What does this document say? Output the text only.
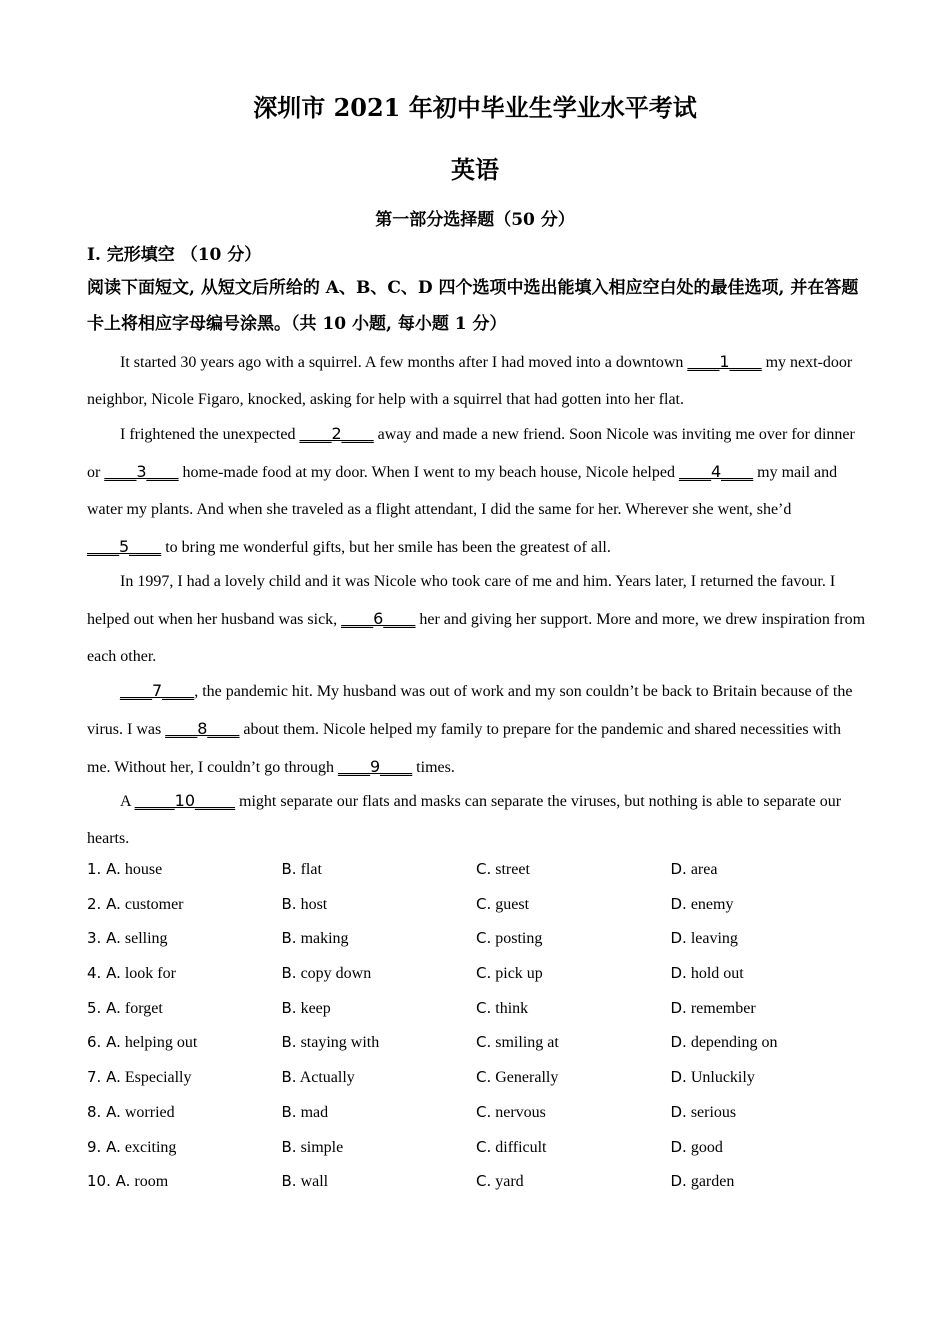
深圳市 2021 年初中毕业生学业水平考试
英语
第一部分选择题（50 分）
I. 完形填空 （10 分）
阅读下面短文, 从短文后所给的 A、B、C、D 四个选项中选出能填入相应空白处的最佳选项, 并在答题卡上将相应字母编号涂黑。（共 10 小题, 每小题 1 分）

It started 30 years ago with a squirrel. A few months after I had moved into a downtown ____1____ my next-door neighbor, Nicole Figaro, knocked, asking for help with a squirrel that had gotten into her flat.

I frightened the unexpected ____2____ away and made a new friend. Soon Nicole was inviting me over for dinner or ____3____ home-made food at my door. When I went to my beach house, Nicole helped ____4____ my mail and water my plants. And when she traveled as a flight attendant, I did the same for her. Wherever she went, she’d ____5____ to bring me wonderful gifts, but her smile has been the greatest of all.

In 1997, I had a lovely child and it was Nicole who took care of me and him. Years later, I returned the favour. I helped out when her husband was sick, ____6____ her and giving her support. More and more, we drew inspiration from each other.

____7____, the pandemic hit. My husband was out of work and my son couldn’t be back to Britain because of the virus. I was ____8____ about them. Nicole helped my family to prepare for the pandemic and shared necessities with me. Without her, I couldn’t go through ____9____ times.

A _____10_____ might separate our flats and masks can separate the viruses, but nothing is able to separate our hearts.

1. A. house	B. flat	C. street	D. area
2. A. customer	B. host	C. guest	D. enemy
3. A. selling	B. making	C. posting	D. leaving
4. A. look for	B. copy down	C. pick up	D. hold out
5. A. forget	B. keep	C. think	D. remember
6. A. helping out	B. staying with	C. smiling at	D. depending on
7. A. Especially	B. Actually	C. Generally	D. Unluckily
8. A. worried	B. mad	C. nervous	D. serious
9. A. exciting	B. simple	C. difficult	D. good
10. A. room	B. wall	C. yard	D. garden
